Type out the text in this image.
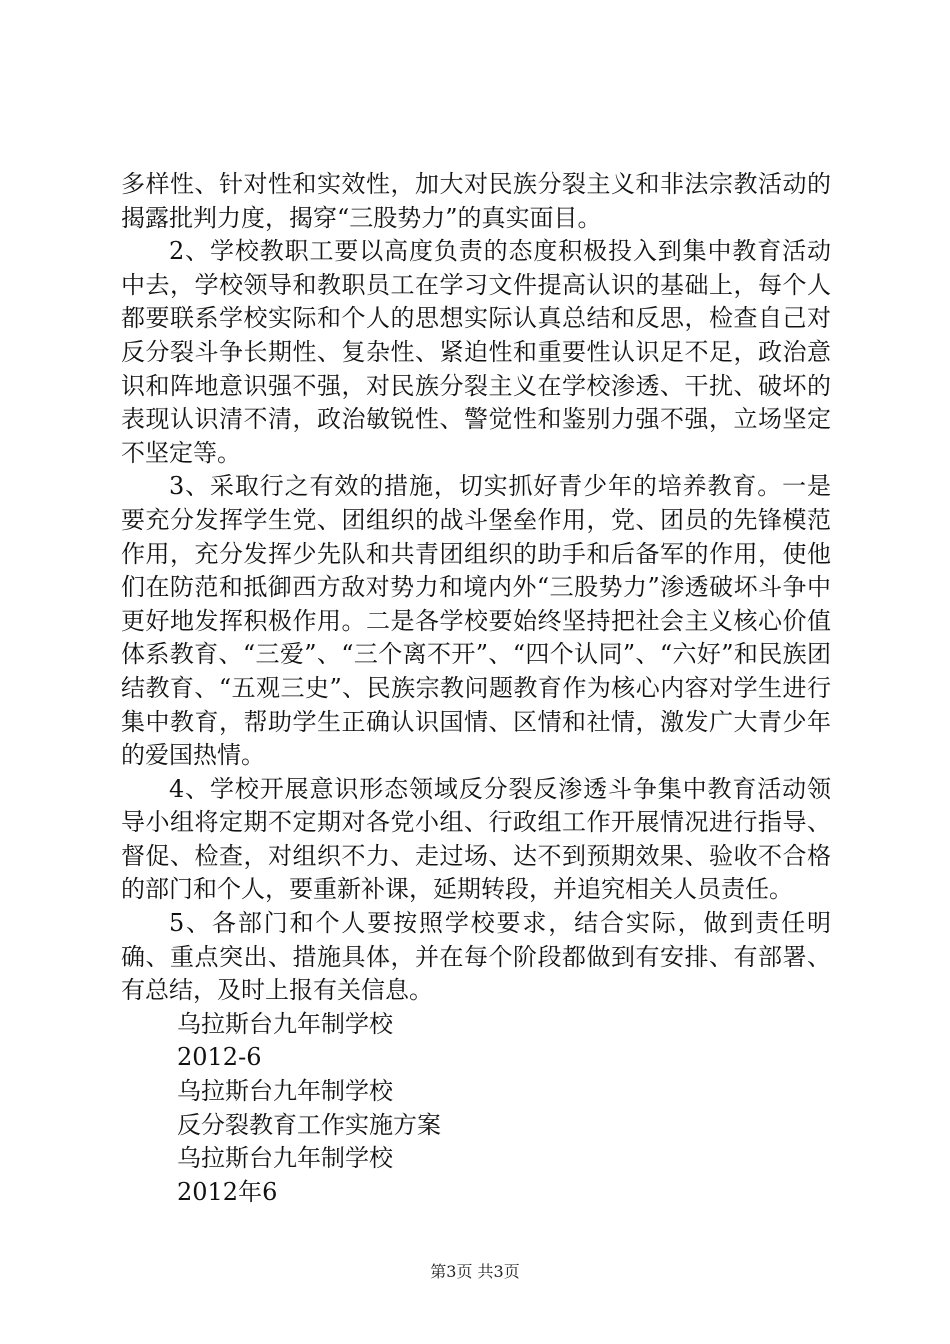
多样性、针对性和实效性，加大对民族分裂主义和非法宗教活动的揭露批判力度，揭穿“三股势力”的真实面目。

2、学校教职工要以高度负责的态度积极投入到集中教育活动中去，学校领导和教职员工在学习文件提高认识的基础上，每个人都要联系学校实际和个人的思想实际认真总结和反思，检查自己对反分裂斗争长期性、复杂性、紧迫性和重要性认识足不足，政治意识和阵地意识强不强，对民族分裂主义在学校渗透、干扰、破坏的表现认识清不清，政治敏锐性、警觉性和鉴别力强不强，立场坚定不坚定等。

3、采取行之有效的措施，切实抓好青少年的培养教育。一是要充分发挥学生党、团组织的战斗堡垒作用，党、团员的先锋模范作用，充分发挥少先队和共青团组织的助手和后备军的作用，使他们在防范和抵御西方敌对势力和境内外“三股势力”渗透破坏斗争中更好地发挥积极作用。二是各学校要始终坚持把社会主义核心价值体系教育、“三爱”、“三个离不开”、“四个认同”、“六好”和民族团结教育、“五观三史”、民族宗教问题教育作为核心内容对学生进行集中教育，帮助学生正确认识国情、区情和社情，激发广大青少年的爱国热情。

4、学校开展意识形态领域反分裂反渗透斗争集中教育活动领导小组将定期不定期对各党小组、行政组工作开展情况进行指导、督促、检查，对组织不力、走过场、达不到预期效果、验收不合格的部门和个人，要重新补课，延期转段，并追究相关人员责任。

5、各部门和个人要按照学校要求，结合实际，做到责任明确、重点突出、措施具体，并在每个阶段都做到有安排、有部署、有总结，及时上报有关信息。

乌拉斯台九年制学校

2012-6

乌拉斯台九年制学校

反分裂教育工作实施方案

乌拉斯台九年制学校

2012年6

第3页 共3页
